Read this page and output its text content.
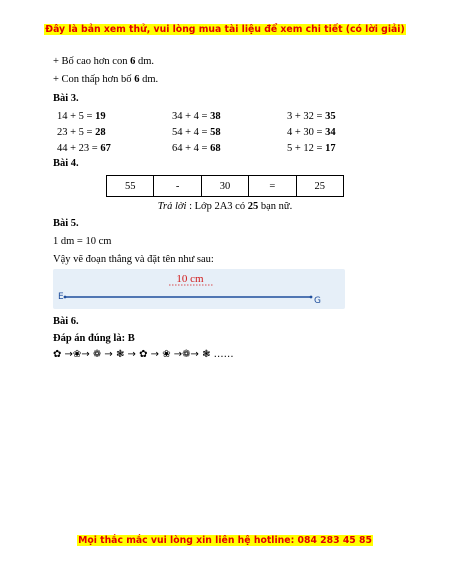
Đây là bản xem thử, vui lòng mua tài liệu để xem chi tiết (có lời giải)
+ Bố cao hơn con 6 dm.
+ Con thấp hơn bố 6 dm.
Bài 3.
14 + 5 = 19	34 + 4 = 38	3 + 32 = 35
23 + 5 = 28	54 + 4 = 58	4 + 30 = 34
44 + 23 = 67	64 + 4 = 68	5 + 12 = 17
Bài 4.
55	-	30	=	25
Trả lời : Lớp 2A3 có 25 bạn nữ.
Bài 5.
1 dm = 10 cm
Vậy vẽ đoạn thẳng và đặt tên như sau:
10 cm
E	G
Bài 6.
Đáp án đúng là: B
✿ →❀→ ❁ → ❃ → ✿ → ❀ →❁→ ❃ ……
Mọi thắc mắc vui lòng xin liên hệ hotline: 084 283 45 85
